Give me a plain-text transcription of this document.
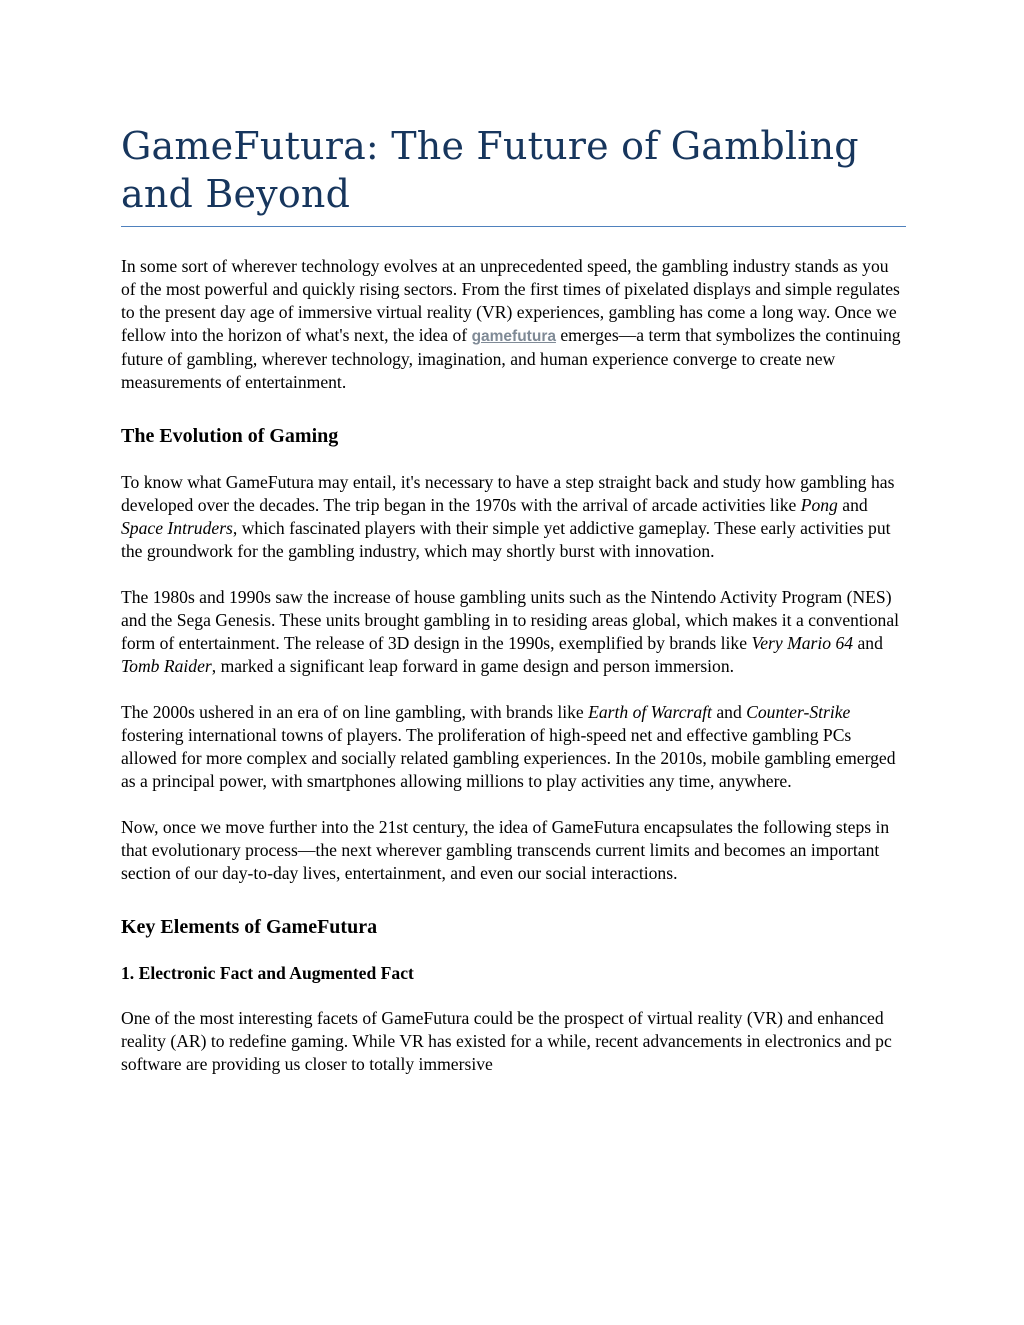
GameFutura: The Future of Gambling and Beyond

In some sort of wherever technology evolves at an unprecedented speed, the gambling industry stands as you of the most powerful and quickly rising sectors. From the first times of pixelated displays and simple regulates to the present day age of immersive virtual reality (VR) experiences, gambling has come a long way. Once we fellow into the horizon of what's next, the idea of gamefutura emerges—a term that symbolizes the continuing future of gambling, wherever technology, imagination, and human experience converge to create new measurements of entertainment.

The Evolution of Gaming

To know what GameFutura may entail, it's necessary to have a step straight back and study how gambling has developed over the decades. The trip began in the 1970s with the arrival of arcade activities like Pong and Space Intruders, which fascinated players with their simple yet addictive gameplay. These early activities put the groundwork for the gambling industry, which may shortly burst with innovation.

The 1980s and 1990s saw the increase of house gambling units such as the Nintendo Activity Program (NES) and the Sega Genesis. These units brought gambling in to residing areas global, which makes it a conventional form of entertainment. The release of 3D design in the 1990s, exemplified by brands like Very Mario 64 and Tomb Raider, marked a significant leap forward in game design and person immersion.

The 2000s ushered in an era of on line gambling, with brands like Earth of Warcraft and Counter-Strike fostering international towns of players. The proliferation of high-speed net and effective gambling PCs allowed for more complex and socially related gambling experiences. In the 2010s, mobile gambling emerged as a principal power, with smartphones allowing millions to play activities any time, anywhere.

Now, once we move further into the 21st century, the idea of GameFutura encapsulates the following steps in that evolutionary process—the next wherever gambling transcends current limits and becomes an important section of our day-to-day lives, entertainment, and even our social interactions.

Key Elements of GameFutura
1. Electronic Fact and Augmented Fact

One of the most interesting facets of GameFutura could be the prospect of virtual reality (VR) and enhanced reality (AR) to redefine gaming. While VR has existed for a while, recent advancements in electronics and pc software are providing us closer to totally immersive
